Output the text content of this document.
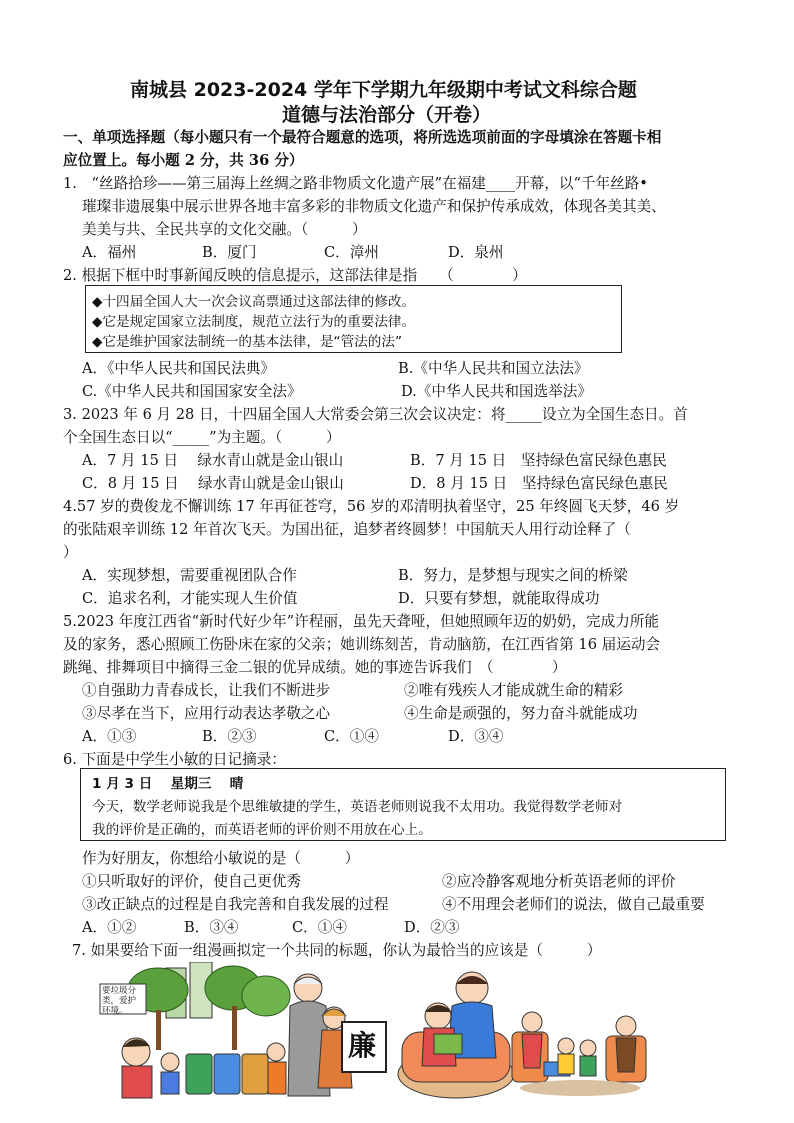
南城县 2023-2024 学年下学期九年级期中考试文科综合题
道德与法治部分（开卷）
一、单项选择题（每小题只有一个最符合题意的选项，将所选选项前面的字母填涂在答题卡相
应位置上。每小题 2 分，共 36 分）
1.　“丝路拾珍——第三届海上丝绸之路非物质文化遗产展”在福建____开幕，以“千年丝路•
璀璨非遗展集中展示世界各地丰富多彩的非物质文化遗产和保护传承成效，体现各美其美、
美美与共、全民共享的文化交融。（　　　）
A．福州	B．厦门	C．漳州	D．泉州
2. 根据下框中时事新闻反映的信息提示，这部法律是指　　（　　　　）
◆十四届全国人大一次会议高票通过这部法律的修改。
◆它是规定国家立法制度，规范立法行为的重要法律。
◆它是维护国家法制统一的基本法律，是“管法的法”
A．《中华人民共和国民法典》	B.《中华人民共和国立法法》
C.《中华人民共和国国家安全法》	D.《中华人民共和国选举法》
3. 2023 年 6 月 28 日，十四届全国人大常委会第三次会议决定：将_____设立为全国生态日。首
个全国生态日以“_____”为主题。（　　　）
A．7 月 15 日　 绿水青山就是金山银山	B．7 月 15 日　坚持绿色富民绿色惠民
C．8 月 15 日　 绿水青山就是金山银山	D．8 月 15 日　坚持绿色富民绿色惠民
4.57 岁的费俊龙不懈训练 17 年再征苍穹，56 岁的邓清明执着坚守，25 年终圆飞天梦，46 岁
的张陆艰辛训练 12 年首次飞天。为国出征，追梦者终圆梦！中国航天人用行动诠释了（
）
A．实现梦想，需要重视团队合作	B．努力，是梦想与现实之间的桥梁
C．追求名利，才能实现人生价值	D．只要有梦想，就能取得成功
5.2023 年度江西省“新时代好少年”许程丽，虽先天聋哑，但她照顾年迈的奶奶，完成力所能
及的家务，悉心照顾工伤卧床在家的父亲；她训练刻苦，肯动脑筋，在江西省第 16 届运动会
跳绳、排舞项目中摘得三金二银的优异成绩。她的事迹告诉我们　（　　　　）
①自强助力青春成长，让我们不断进步	②唯有残疾人才能成就生命的精彩
③尽孝在当下，应用行动表达孝敬之心	④生命是顽强的，努力奋斗就能成功
A．①③	B．②③	C．①④	D．③④
6. 下面是中学生小敏的日记摘录：
1 月 3 日　 星期三　 晴
今天，数学老师说我是个思维敏捷的学生，英语老师则说我不太用功。我觉得数学老师对
我的评价是正确的，而英语老师的评价则不用放在心上。
作为好朋友，你想给小敏说的是（　　　）
①只听取好的评价，使自己更优秀	②应冷静客观地分析英语老师的评价
③改正缺点的过程是自我完善和自我发展的过程	④不用理会老师们的说法，做自己最重要
A．①②	B．③④	C．①④	D．②③
7. 如果要给下面一组漫画拟定一个共同的标题，你认为最恰当的应该是（　　　）
要垃圾分类，爱护环境。
廉
